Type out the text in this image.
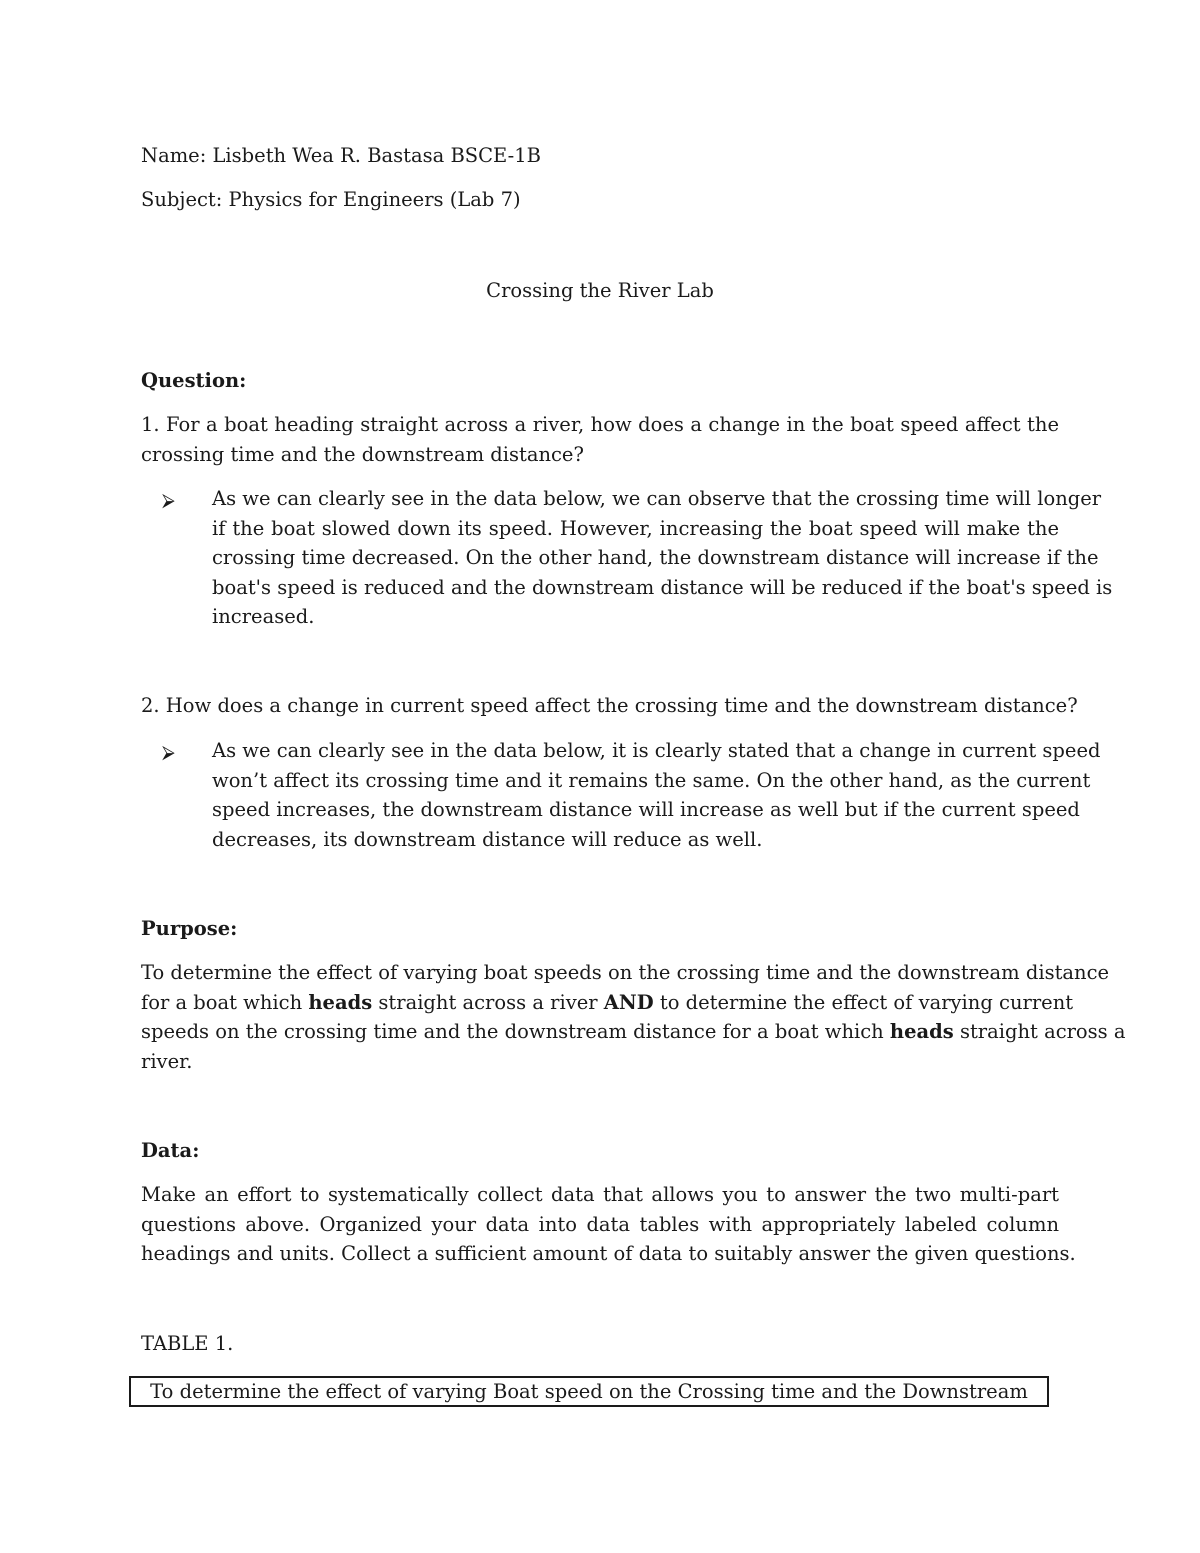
Name: Lisbeth Wea R. Bastasa BSCE-1B
Subject: Physics for Engineers (Lab 7)
Crossing the River Lab
Question:
1. For a boat heading straight across a river, how does a change in the boat speed affect the
crossing time and the downstream distance?
⮚ As we can clearly see in the data below, we can observe that the crossing time will longer
if the boat slowed down its speed. However, increasing the boat speed will make the
crossing time decreased. On the other hand, the downstream distance will increase if the
boat's speed is reduced and the downstream distance will be reduced if the boat's speed is
increased.
2. How does a change in current speed affect the crossing time and the downstream distance?
⮚ As we can clearly see in the data below, it is clearly stated that a change in current speed
won’t affect its crossing time and it remains the same. On the other hand, as the current
speed increases, the downstream distance will increase as well but if the current speed
decreases, its downstream distance will reduce as well.
Purpose:
To determine the effect of varying boat speeds on the crossing time and the downstream distance
for a boat which heads straight across a river AND to determine the effect of varying current
speeds on the crossing time and the downstream distance for a boat which heads straight across a
river.
Data:
Make an effort to systematically collect data that allows you to answer the two multi-part
questions above. Organized your data into data tables with appropriately labeled column
headings and units. Collect a sufficient amount of data to suitably answer the given questions.
TABLE 1.
To determine the effect of varying Boat speed on the Crossing time and the Downstream
